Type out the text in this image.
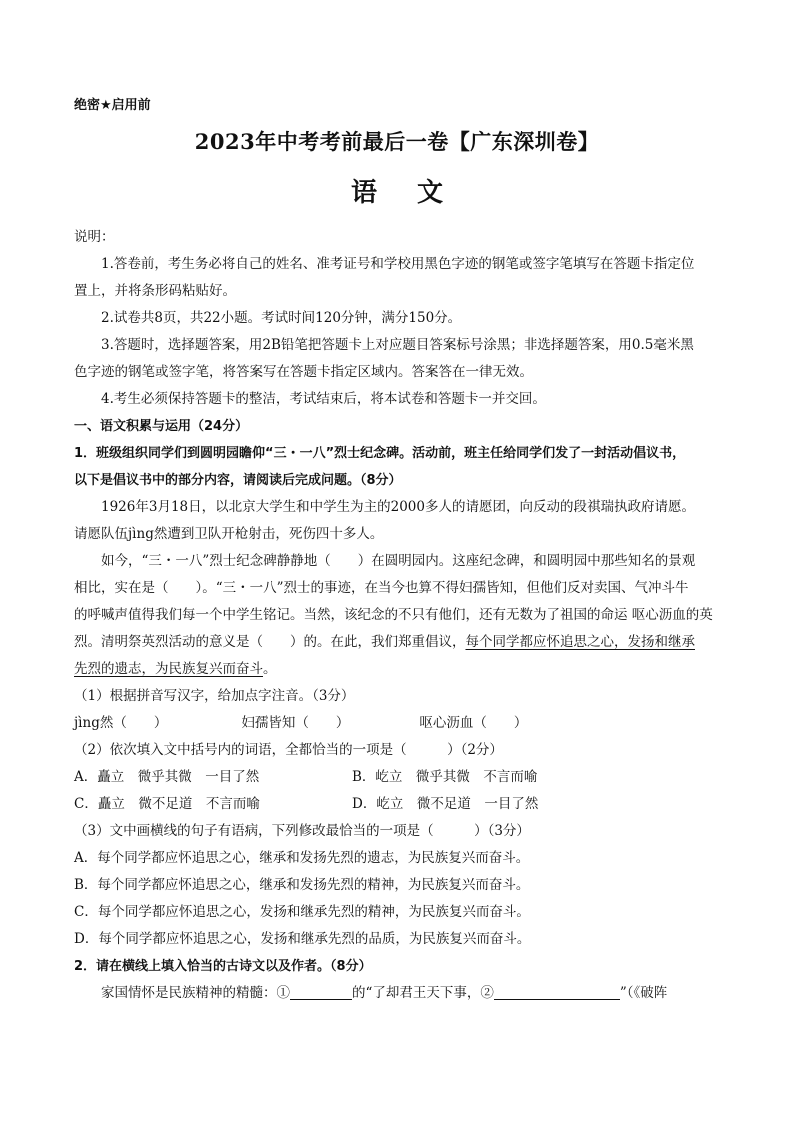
绝密★启用前
2023年中考考前最后一卷【广东深圳卷】
语 文
说明：
1.答卷前，考生务必将自己的姓名、准考证号和学校用黑色字迹的钢笔或签字笔填写在答题卡指定位
置上，并将条形码粘贴好。
2.试卷共8页，共22小题。考试时间120分钟，满分150分。
3.答题时，选择题答案，用2B铅笔把答题卡上对应题目答案标号涂黑；非选择题答案，用0.5毫米黑
色字迹的钢笔或签字笔，将答案写在答题卡指定区域内。答案答在一律无效。
4.考生必须保持答题卡的整洁，考试结束后，将本试卷和答题卡一并交回。
一、语文积累与运用（24分）
1．班级组织同学们到圆明园瞻仰“三・一八”烈士纪念碑。活动前，班主任给同学们发了一封活动倡议书，
以下是倡议书中的部分内容，请阅读后完成问题。（8分）
1926年3月18日，以北京大学生和中学生为主的2000多人的请愿团，向反动的段祺瑞执政府请愿。
请愿队伍jìng然遭到卫队开枪射击，死伤四十多人。
如今，“三・一八”烈士纪念碑静静地（　　）在圆明园内。这座纪念碑，和圆明园中那些知名的景观
相比，实在是（　　）。“三・一八”烈士的事迹，在当今也算不得妇孺皆知，但他们反对卖国、气冲斗牛
的呼喊声值得我们每一个中学生铭记。当然，该纪念的不只有他们，还有无数为了祖国的命运 呕心沥血的英
烈。清明祭英烈活动的意义是（　　）的。在此，我们郑重倡议，每个同学都应怀追思之心，发扬和继承
先烈的遗志，为民族复兴而奋斗。
（1）根据拼音写汉字，给加点字注音。（3分）
jìng然（　　）	妇孺皆知（　　）	呕心沥血（　　）
（2）依次填入文中括号内的词语，全都恰当的一项是（　　　）（2分）
A．矗立　微乎其微　一目了然	B．屹立　微乎其微　不言而喻
C．矗立　微不足道　不言而喻	D．屹立　微不足道　一目了然
（3）文中画横线的句子有语病，下列修改最恰当的一项是（　　　）（3分）
A．每个同学都应怀追思之心，继承和发扬先烈的遗志，为民族复兴而奋斗。
B．每个同学都应怀追思之心，继承和发扬先烈的精神，为民族复兴而奋斗。
C．每个同学都应怀追思之心，发扬和继承先烈的精神，为民族复兴而奋斗。
D．每个同学都应怀追思之心，发扬和继承先烈的品质，为民族复兴而奋斗。
2．请在横线上填入恰当的古诗文以及作者。（8分）
家国情怀是民族精神的精髓：①	的“了却君王天下事，②	”（《破阵
